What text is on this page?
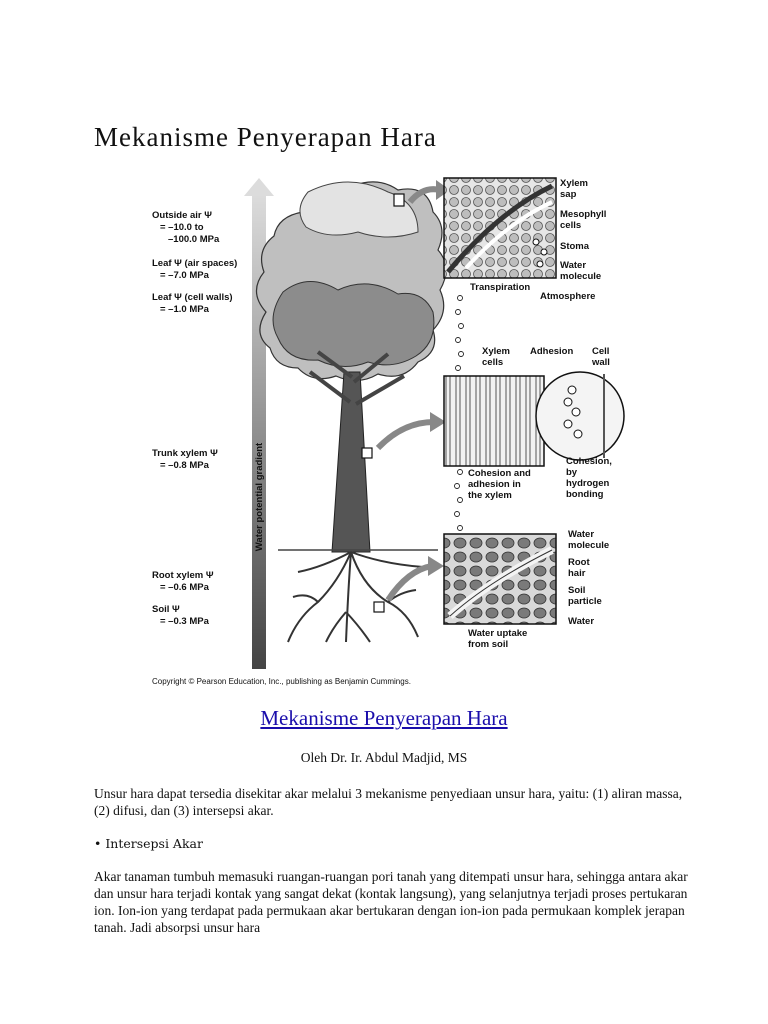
Mekanisme Penyerapan Hara
Water potential gradient
Outside air Ψ
= –10.0 to
–100.0 MPa
Leaf Ψ (air spaces)
= –7.0 MPa
Leaf Ψ (cell walls)
= –1.0 MPa
Trunk xylem Ψ
= –0.8 MPa
Root xylem Ψ
= –0.6 MPa
Soil Ψ
= –0.3 MPa
Xylem
sap
Mesophyll
cells
Stoma
Water
molecule
Transpiration
Atmosphere
Xylem
cells
Adhesion Cell
wall
Cohesion and
adhesion in
the xylem
Cohesion,
by
hydrogen
bonding
Water
molecule
Root
hair
Soil
particle
Water
Water uptake
from soil
Copyright © Pearson Education, Inc., publishing as Benjamin Cummings.
Mekanisme Penyerapan Hara
Oleh Dr. Ir. Abdul Madjid, MS

Unsur hara dapat tersedia disekitar akar melalui 3 mekanisme penyediaan unsur hara, yaitu: (1) aliran massa, (2) difusi, dan (3) intersepsi akar.

• Intersepsi Akar

Akar tanaman tumbuh memasuki ruangan-ruangan pori tanah yang ditempati unsur hara, sehingga antara akar dan unsur hara terjadi kontak yang sangat dekat (kontak langsung), yang selanjutnya terjadi proses pertukaran ion. Ion-ion yang terdapat pada permukaan akar bertukaran dengan ion-ion pada permukaan komplek jerapan tanah. Jadi absorpsi unsur hara
